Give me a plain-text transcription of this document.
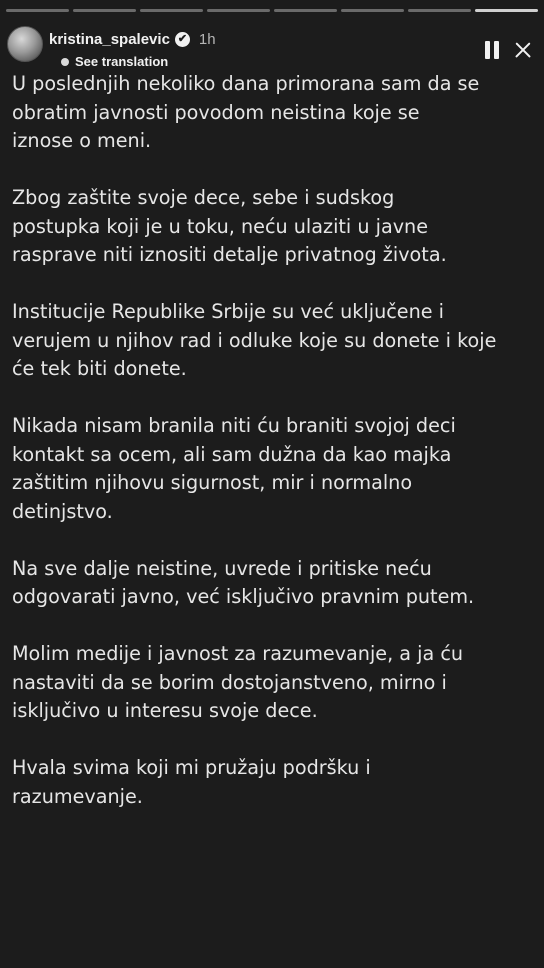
kristina_spalevic ✔ 1h
See translation
U poslednjih nekoliko dana primorana sam da se
obratim javnosti povodom neistina koje se
iznose o meni.
Zbog zaštite svoje dece, sebe i sudskog
postupka koji je u toku, neću ulaziti u javne
rasprave niti iznositi detalje privatnog života.
Institucije Republike Srbije su već uključene i
verujem u njihov rad i odluke koje su donete i koje
će tek biti donete.
Nikada nisam branila niti ću braniti svojoj deci
kontakt sa ocem, ali sam dužna da kao majka
zaštitim njihovu sigurnost, mir i normalno
detinjstvo.
Na sve dalje neistine, uvrede i pritiske neću
odgovarati javno, već isključivo pravnim putem.
Molim medije i javnost za razumevanje, a ja ću
nastaviti da se borim dostojanstveno, mirno i
isključivo u interesu svoje dece.
Hvala svima koji mi pružaju podršku i
razumevanje.
